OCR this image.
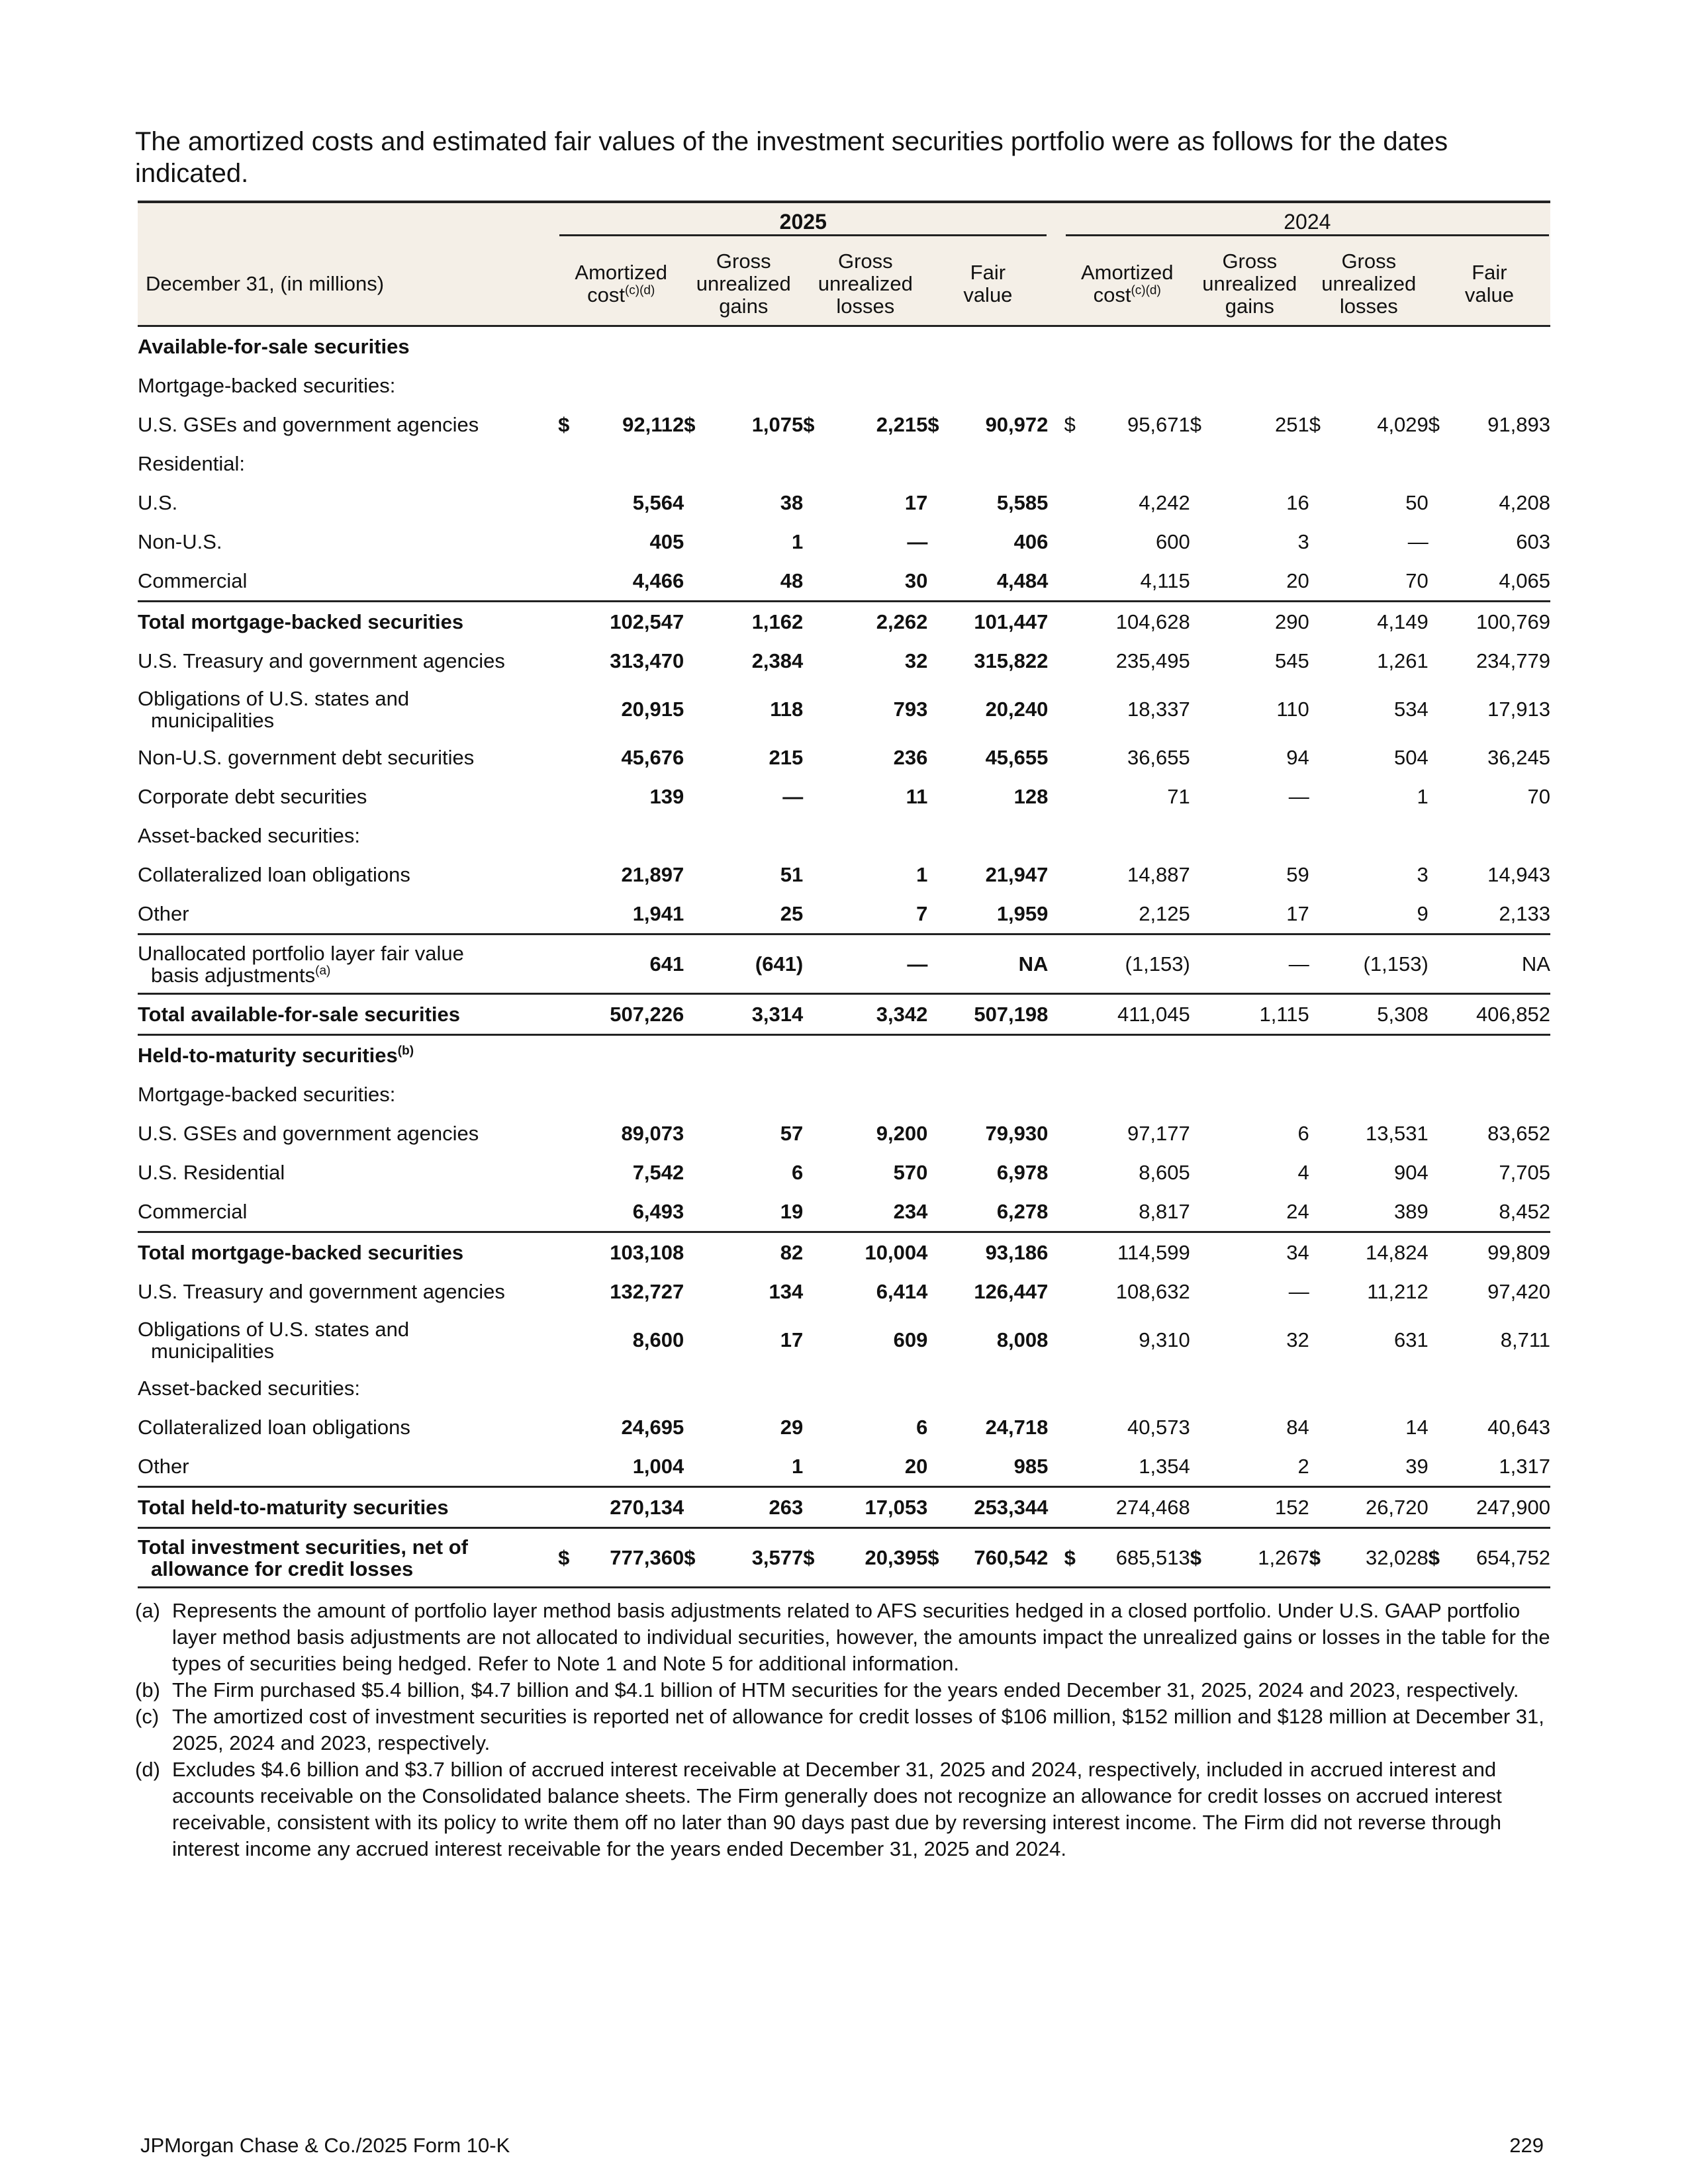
The amortized costs and estimated fair values of the investment securities portfolio were as follows for the dates indicated.

	2025									2024							

December 31, (in millions)	Amortized
cost$^{(c)(d)}$		Gross
unrealized
gains		Gross
unrealized
losses		Fair
value			Amortized
cost$^{(c)(d)}$		Gross
unrealized
gains		Gross
unrealized
losses		Fair
value	
Available-for-sale securities																	
Mortgage-backed securities:																	
U.S. GSEs and government agencies	$	92,112	$	1,075	$	2,215	$	90,972		$	95,671	$	251	$	4,029	$	91,893
Residential:																	
U.S.		5,564		38		17		5,585			4,242		16		50		4,208
Non-U.S.		405		1		—		406			600		3		—		603
Commercial		4,466		48		30		4,484			4,115		20		70		4,065
Total mortgage-backed securities		102,547		1,162		2,262		101,447			104,628		290		4,149		100,769
U.S. Treasury and government agencies		313,470		2,384		32		315,822			235,495		545		1,261		234,779
Obligations of U.S. states and
municipalities		20,915		118		793		20,240			18,337		110		534		17,913
Non-U.S. government debt securities		45,676		215		236		45,655			36,655		94		504		36,245
Corporate debt securities		139		—		11		128			71		—		1		70
Asset-backed securities:																	
Collateralized loan obligations		21,897		51		1		21,947			14,887		59		3		14,943
Other		1,941		25		7		1,959			2,125		17		9		2,133
Unallocated portfolio layer fair value
basis adjustments$^{(a)}$		641		(641)		—		NA			(1,153)		—		(1,153)		NA
Total available-for-sale securities		507,226		3,314		3,342		507,198			411,045		1,115		5,308		406,852
Held-to-maturity securities$^{(b)}$																	
Mortgage-backed securities:																	
U.S. GSEs and government agencies		89,073		57		9,200		79,930			97,177		6		13,531		83,652
U.S. Residential		7,542		6		570		6,978			8,605		4		904		7,705
Commercial		6,493		19		234		6,278			8,817		24		389		8,452
Total mortgage-backed securities		103,108		82		10,004		93,186			114,599		34		14,824		99,809
U.S. Treasury and government agencies		132,727		134		6,414		126,447			108,632		—		11,212		97,420
Obligations of U.S. states and
municipalities		8,600		17		609		8,008			9,310		32		631		8,711
Asset-backed securities:																	
Collateralized loan obligations		24,695		29		6		24,718			40,573		84		14		40,643
Other		1,004		1		20		985			1,354		2		39		1,317
Total held-to-maturity securities		270,134		263		17,053		253,344			274,468		152		26,720		247,900
Total investment securities, net of
allowance for credit losses	$	777,360	$	3,577	$	20,395	$	760,542		$	685,513	$	1,267	$	32,028	$	654,752
(a) Represents the amount of portfolio layer method basis adjustments related to AFS securities hedged in a closed portfolio. Under U.S. GAAP portfolio layer method basis adjustments are not allocated to individual securities, however, the amounts impact the unrealized gains or losses in the table for the types of securities being hedged. Refer to Note 1 and Note 5 for additional information.
(b) The Firm purchased $5.4 billion, $4.7 billion and $4.1 billion of HTM securities for the years ended December 31, 2025, 2024 and 2023, respectively.
(c) The amortized cost of investment securities is reported net of allowance for credit losses of $106 million, $152 million and $128 million at December 31, 2025, 2024 and 2023, respectively.
(d) Excludes $4.6 billion and $3.7 billion of accrued interest receivable at December 31, 2025 and 2024, respectively, included in accrued interest and accounts receivable on the Consolidated balance sheets. The Firm generally does not recognize an allowance for credit losses on accrued interest receivable, consistent with its policy to write them off no later than 90 days past due by reversing interest income. The Firm did not reverse through interest income any accrued interest receivable for the years ended December 31, 2025 and 2024.
JPMorgan Chase & Co./2025 Form 10-K	229
